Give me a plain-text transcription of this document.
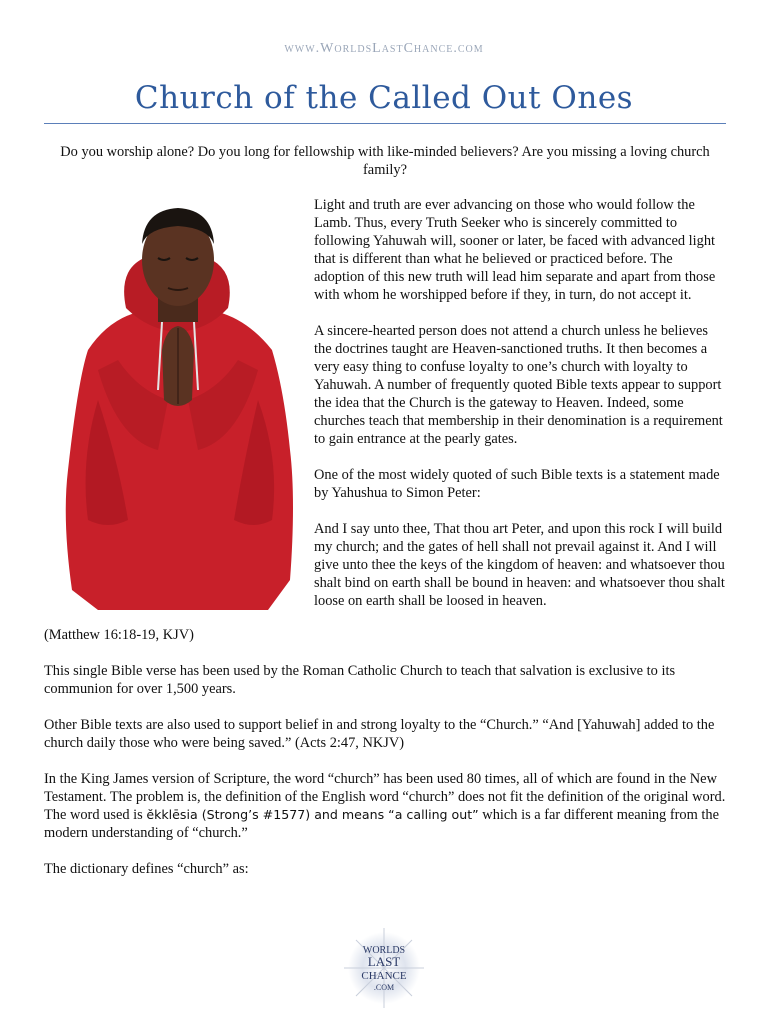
www.WorldsLastChance.com
Church of the Called Out Ones

Do you worship alone? Do you long for fellowship with like-minded believers? Are you missing a loving church family?

Light and truth are ever advancing on those who would follow the Lamb. Thus, every Truth Seeker who is sincerely committed to following Yahuwah will, sooner or later, be faced with advanced light that is different than what he believed or practiced before. The adoption of this new truth will lead him separate and apart from those with whom he worshipped before if they, in turn, do not accept it.

A sincere-hearted person does not attend a church unless he believes the doctrines taught are Heaven-sanctioned truths. It then becomes a very easy thing to confuse loyalty to one’s church with loyalty to Yahuwah. A number of frequently quoted Bible texts appear to support the idea that the Church is the gateway to Heaven. Indeed, some churches teach that membership in their denomination is a requirement to gain entrance at the pearly gates.

One of the most widely quoted of such Bible texts is a statement made by Yahushua to Simon Peter:

And I say unto thee, That thou art Peter, and upon this rock I will build my church; and the gates of hell shall not prevail against it. And I will give unto thee the keys of the kingdom of heaven: and whatsoever thou shalt bind on earth shall be bound in heaven: and whatsoever thou shalt loose on earth shall be loosed in heaven.

(Matthew 16:18-19, KJV)

This single Bible verse has been used by the Roman Catholic Church to teach that salvation is exclusive to its communion for over 1,500 years.

Other Bible texts are also used to support belief in and strong loyalty to the “Church.” “And [Yahuwah] added to the church daily those who were being saved.” (Acts 2:47, NKJV)

In the King James version of Scripture, the word “church” has been used 80 times, all of which are found in the New Testament. The problem is, the definition of the English word “church” does not fit the definition of the original word. The word used is ĕkklēsia (Strong’s #1577) and means “a calling out” which is a far different meaning from the modern understanding of “church.”

The dictionary defines “church” as:

WORLDS
LAST
CHANCE
.COM
